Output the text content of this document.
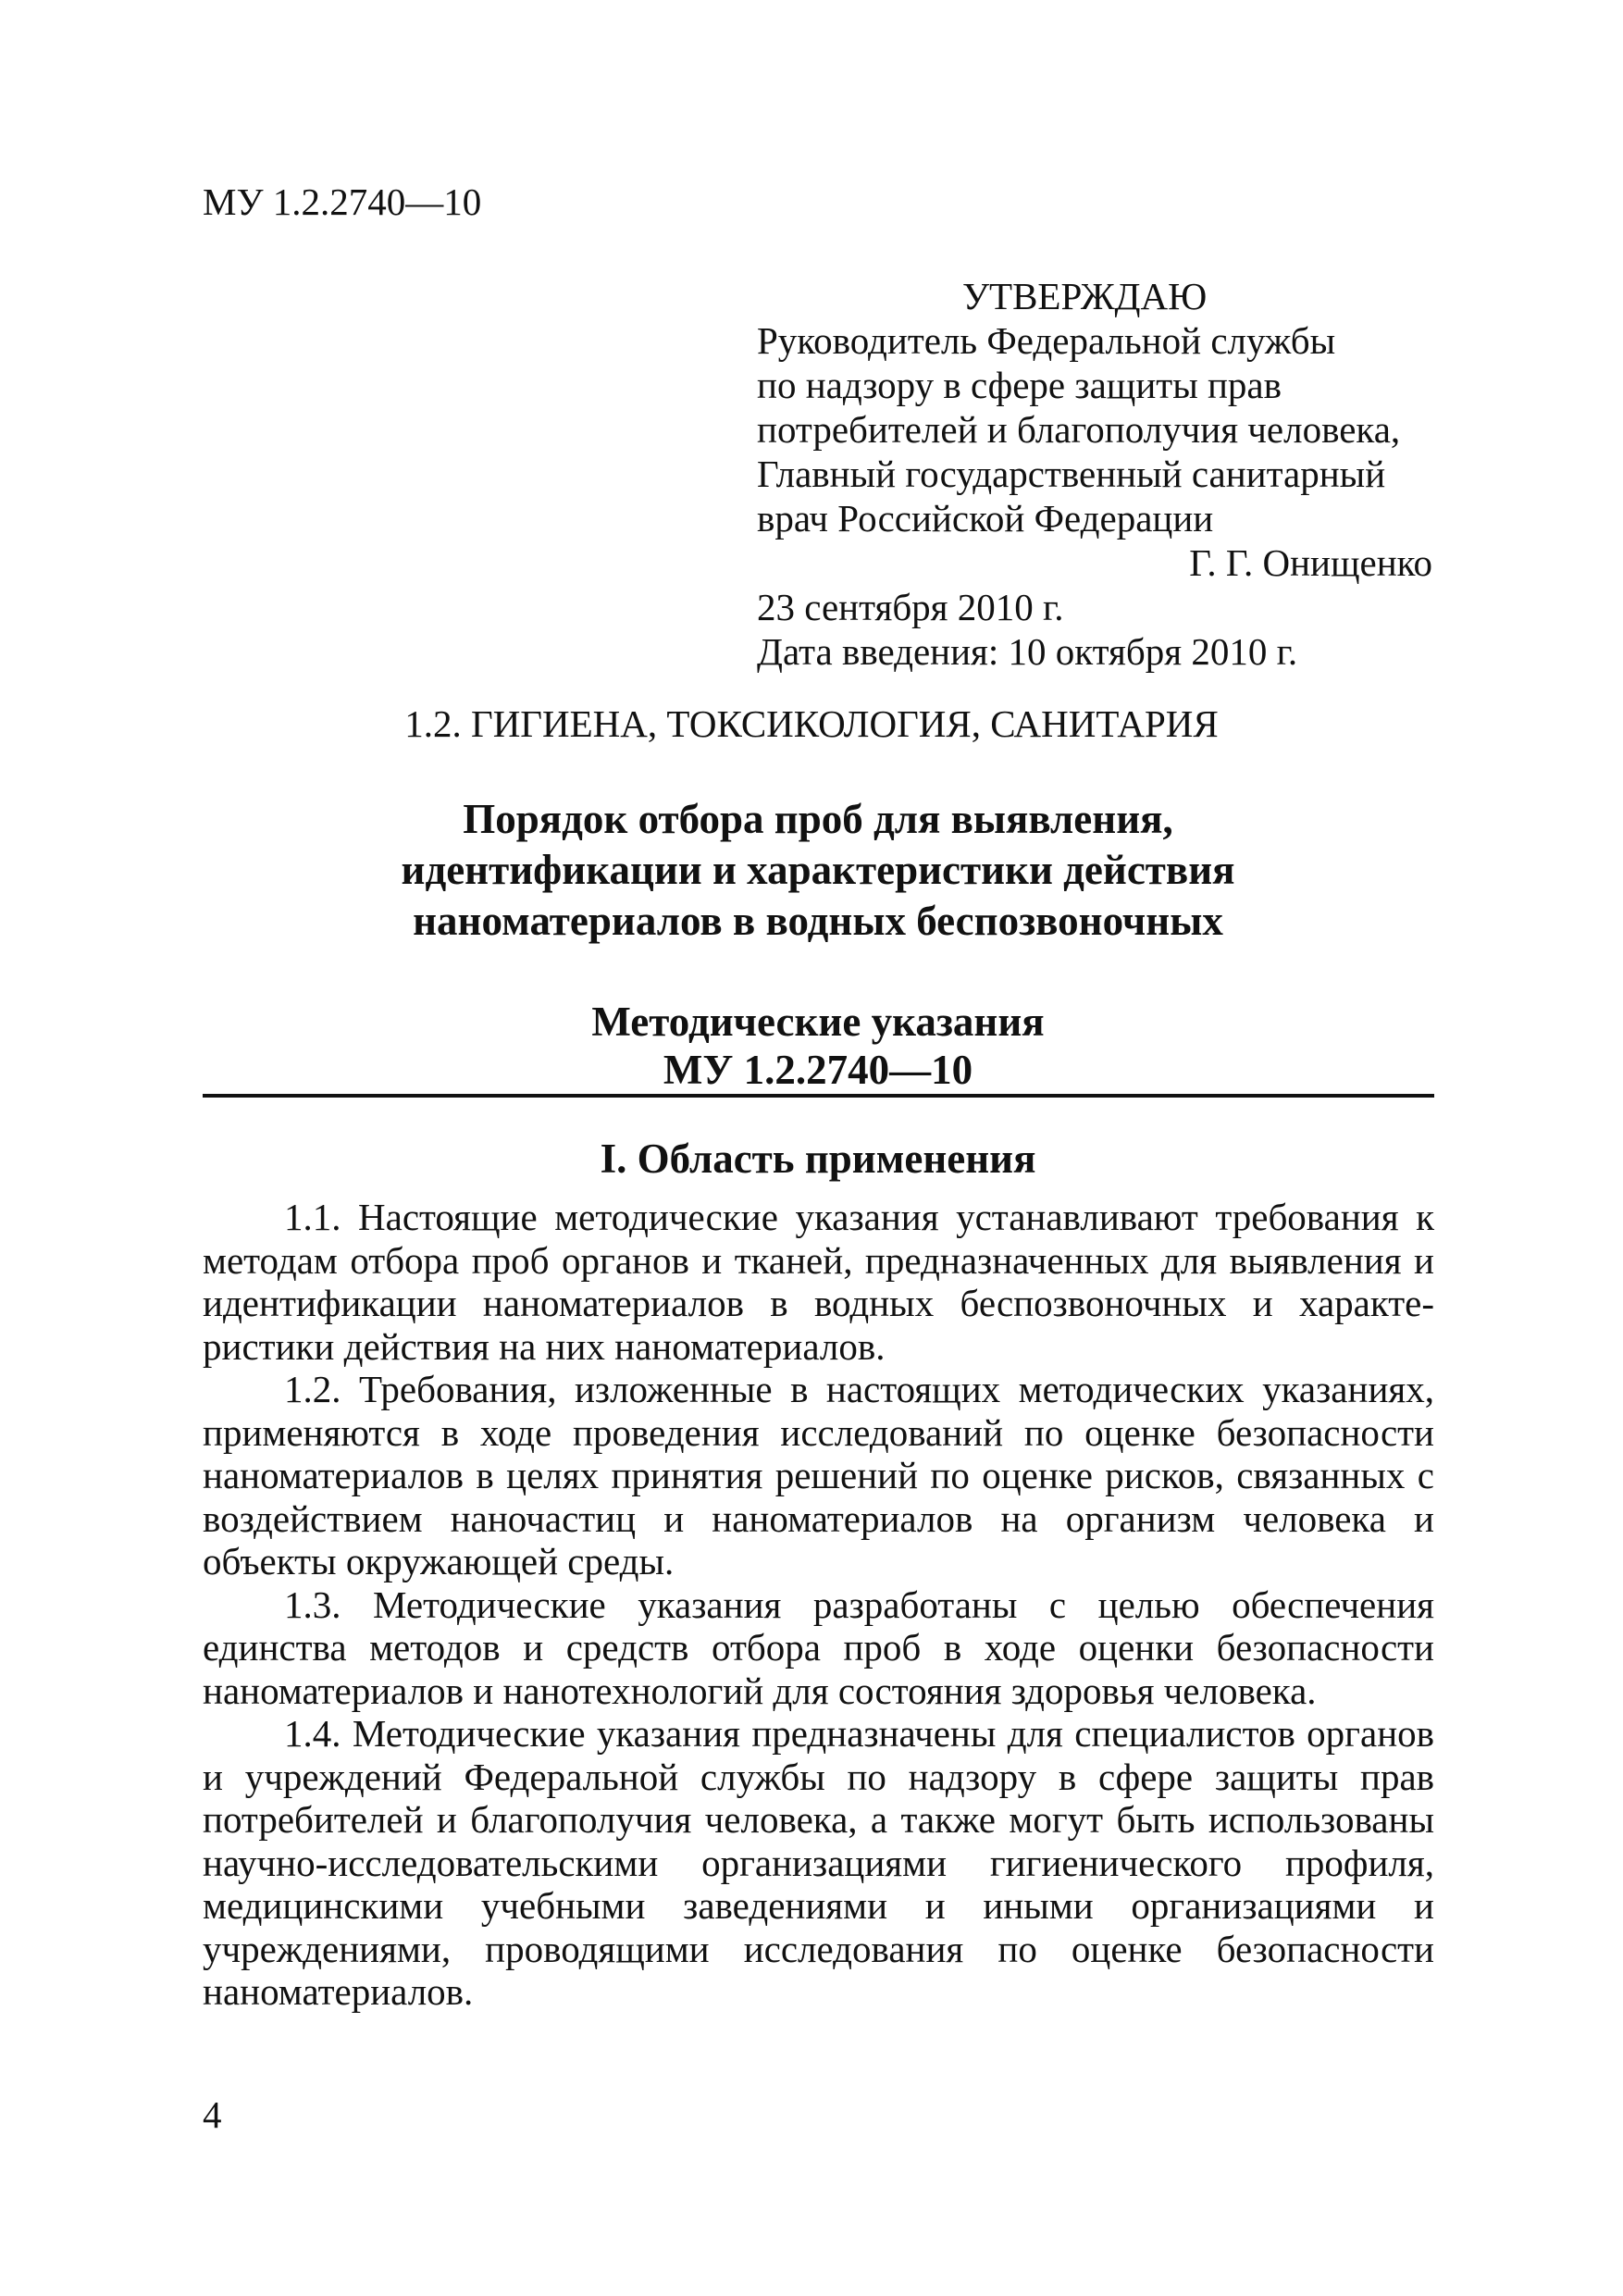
МУ 1.2.2740—10
УТВЕРЖДАЮ
Руководитель Федеральной службы
по надзору в сфере защиты прав
потребителей и благополучия человека,
Главный государственный санитарный
врач Российской Федерации
Г. Г. Онищенко
23 сентября 2010 г.
Дата введения: 10 октября 2010 г.
1.2. ГИГИЕНА, ТОКСИКОЛОГИЯ, САНИТАРИЯ
Порядок отбора проб для выявления,
идентификации и характеристики действия
наноматериалов в водных беспозвоночных
Методические указания
МУ 1.2.2740—10
I. Область применения

1.1. Настоящие методические указания устанавливают требования к методам отбора проб органов и тканей, предназначенных для выявления и идентификации наноматериалов в водных беспозвоночных и характеристики действия на них наноматериалов.

1.2. Требования, изложенные в настоящих методических указаниях, применяются в ходе проведения исследований по оценке безопасности наноматериалов в целях принятия решений по оценке рисков, связанных с воздействием наночастиц и наноматериалов на организм человека и объекты окружающей среды.

1.3. Методические указания разработаны с целью обеспечения единства методов и средств отбора проб в ходе оценки безопасности наноматериалов и нанотехнологий для состояния здоровья человека.

1.4. Методические указания предназначены для специалистов органов и учреждений Федеральной службы по надзору в сфере защиты прав потребителей и благополучия человека, а также могут быть использованы научно-исследовательскими организациями гигиенического профиля, медицинскими учебными заведениями и иными организациями и учреждениями, проводящими исследования по оценке безопасности наноматериалов.

4
